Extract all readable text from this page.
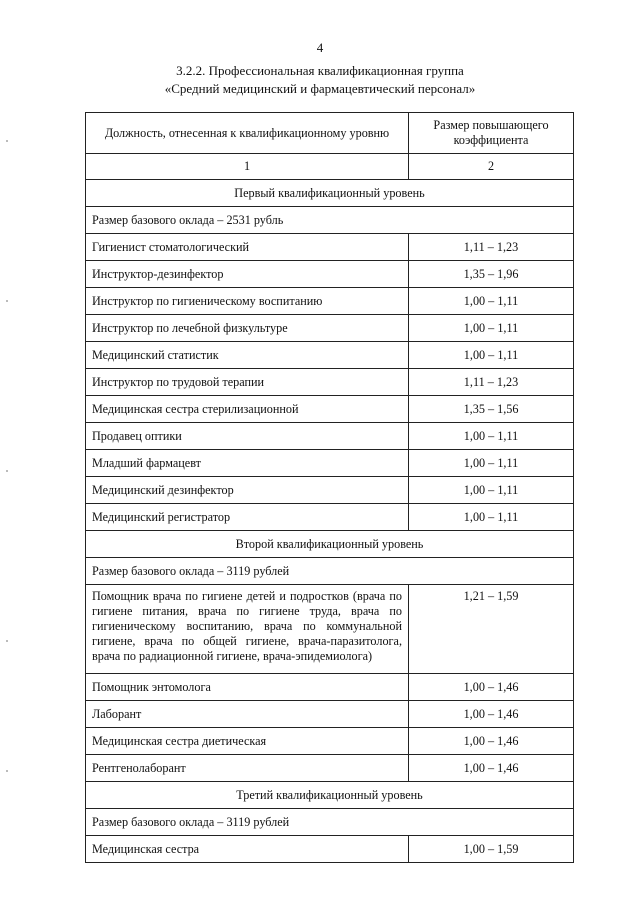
4
3.2.2. Профессиональная квалификационная группа
«Средний медицинский и фармацевтический персонал»
Должность, отнесенная к квалификационному уровню	Размер повышающего коэффициента
1	2
Первый квалификационный уровень	
Размер базового оклада – 2531 рубль	
Гигиенист стоматологический	1,11 – 1,23
Инструктор-дезинфектор	1,35 – 1,96
Инструктор по гигиеническому воспитанию	1,00 – 1,11
Инструктор по лечебной физкультуре	1,00 – 1,11
Медицинский статистик	1,00 – 1,11
Инструктор по трудовой терапии	1,11 – 1,23
Медицинская сестра стерилизационной	1,35 – 1,56
Продавец оптики	1,00 – 1,11
Младший фармацевт	1,00 – 1,11
Медицинский дезинфектор	1,00 – 1,11
Медицинский регистратор	1,00 – 1,11
Второй квалификационный уровень	
Размер базового оклада – 3119 рублей	
Помощник врача по гигиене детей и подростков (врача по гигиене питания, врача по гигиене труда, врача по гигиеническому воспитанию, врача по коммунальной гигиене, врача по общей гигиене, врача-паразитолога, врача по радиационной гигиене, врача-эпидемиолога)	1,21 – 1,59
Помощник энтомолога	1,00 – 1,46
Лаборант	1,00 – 1,46
Медицинская сестра диетическая	1,00 – 1,46
Рентгенолаборант	1,00 – 1,46
Третий квалификационный уровень	
Размер базового оклада – 3119 рублей	
Медицинская сестра	1,00 – 1,59
